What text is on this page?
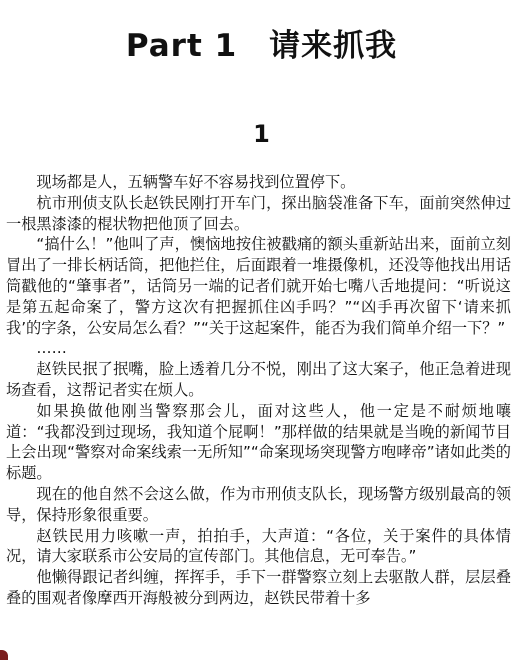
Part 1　请来抓我
1

现场都是人，五辆警车好不容易找到位置停下。

杭市刑侦支队长赵铁民刚打开车门，探出脑袋准备下车，面前突然伸过一根黑漆漆的棍状物把他顶了回去。

“搞什么！”他叫了声，懊恼地按住被戳痛的额头重新站出来，面前立刻冒出了一排长柄话筒，把他拦住，后面跟着一堆摄像机，还没等他找出用话筒戳他的“肇事者”，话筒另一端的记者们就开始七嘴八舌地提问：“听说这是第五起命案了，警方这次有把握抓住凶手吗？”“凶手再次留下‘请来抓我’的字条，公安局怎么看？”“关于这起案件，能否为我们简单介绍一下？”

……

赵铁民抿了抿嘴，脸上透着几分不悦，刚出了这大案子，他正急着进现场查看，这帮记者实在烦人。

如果换做他刚当警察那会儿，面对这些人，他一定是不耐烦地嚷道：“我都没到过现场，我知道个屁啊！”那样做的结果就是当晚的新闻节目上会出现“警察对命案线索一无所知”“命案现场突现警方咆哮帝”诸如此类的标题。

现在的他自然不会这么做，作为市刑侦支队长，现场警方级别最高的领导，保持形象很重要。

赵铁民用力咳嗽一声，拍拍手，大声道：“各位，关于案件的具体情况，请大家联系市公安局的宣传部门。其他信息，无可奉告。”

他懒得跟记者纠缠，挥挥手，手下一群警察立刻上去驱散人群，层层叠叠的围观者像摩西开海般被分到两边，赵铁民带着十多
